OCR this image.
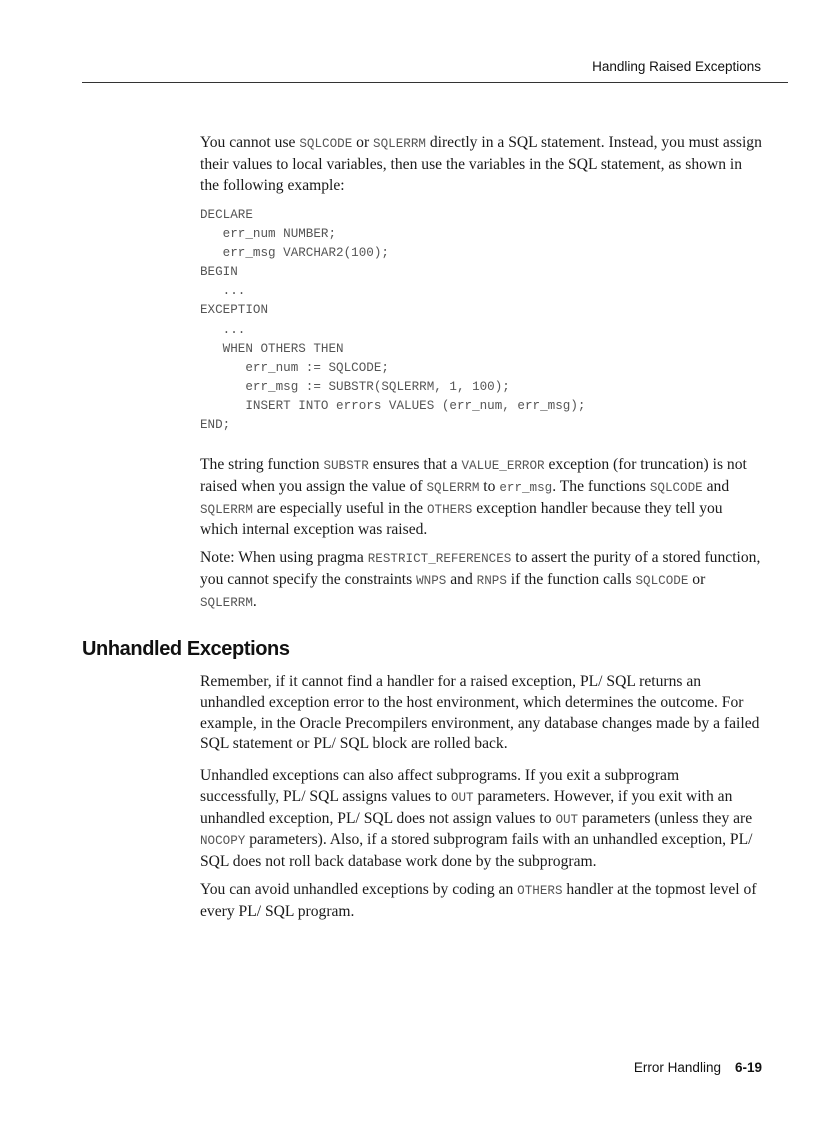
Handling Raised Exceptions

You cannot use SQLCODE or SQLERRM directly in a SQL statement. Instead, you must assign their values to local variables, then use the variables in the SQL statement, as shown in the following example:

DECLARE
err_num NUMBER;
err_msg VARCHAR2(100);
BEGIN
...
EXCEPTION
...
WHEN OTHERS THEN
err_num := SQLCODE;
err_msg := SUBSTR(SQLERRM, 1, 100);
INSERT INTO errors VALUES (err_num, err_msg);
END;

The string function SUBSTR ensures that a VALUE_ERROR exception (for truncation) is not raised when you assign the value of SQLERRM to err_msg. The functions SQLCODE and SQLERRM are especially useful in the OTHERS exception handler because they tell you which internal exception was raised.

Note: When using pragma RESTRICT_REFERENCES to assert the purity of a stored function, you cannot specify the constraints WNPS and RNPS if the function calls SQLCODE or SQLERRM.

Unhandled Exceptions

Remember, if it cannot find a handler for a raised exception, PL/ SQL returns an unhandled exception error to the host environment, which determines the outcome. For example, in the Oracle Precompilers environment, any database changes made by a failed SQL statement or PL/ SQL block are rolled back.

Unhandled exceptions can also affect subprograms. If you exit a subprogram successfully, PL/ SQL assigns values to OUT parameters. However, if you exit with an unhandled exception, PL/ SQL does not assign values to OUT parameters (unless they are NOCOPY parameters). Also, if a stored subprogram fails with an unhandled exception, PL/ SQL does not roll back database work done by the subprogram.

You can avoid unhandled exceptions by coding an OTHERS handler at the topmost level of every PL/ SQL program.

Error Handling 6-19
